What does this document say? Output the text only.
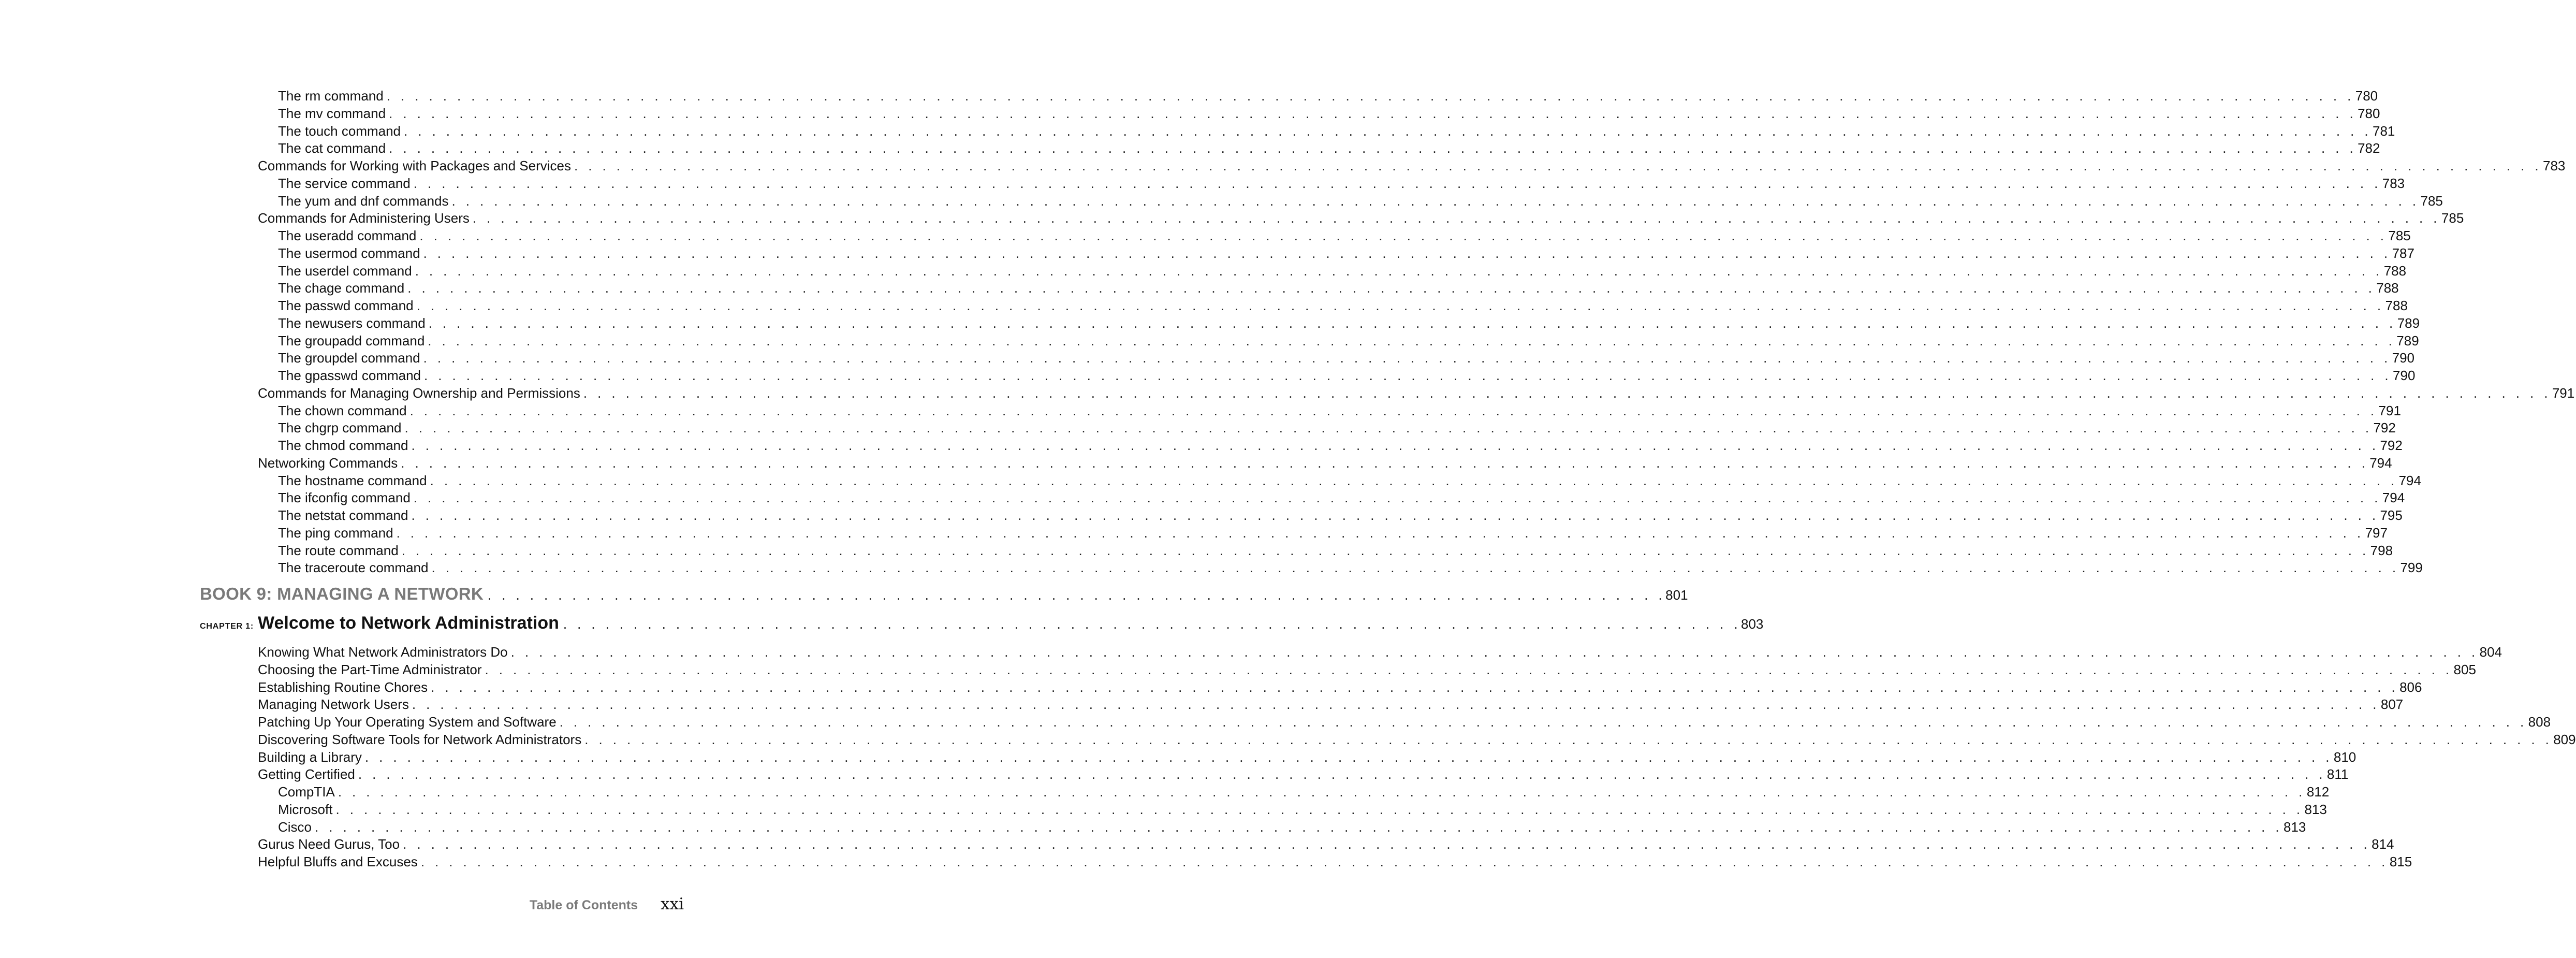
The rm command . . . . . . . . . . . . . . . . . . . . . . . . . . . . . . . . . . . . . . . . . . . . . . . . . . . . . . . . . . . . . . . . . . . . . . . . . . . . . . . . . . . . . . . . . . . . . . . . . . . . . . . . . . . . . . . . . . . . . . . . . . . . . . . . . . . . . . . . . . . . 780
The mv command . . . . . . . . . . . . . . . . . . . . . . . . . . . . . . . . . . . . . . . . . . . . . . . . . . . . . . . . . . . . . . . . . . . . . . . . . . . . . . . . . . . . . . . . . . . . . . . . . . . . . . . . . . . . . . . . . . . . . . . . . . . . . . . . . . . . . . . . . . . . 780
The touch command . . . . . . . . . . . . . . . . . . . . . . . . . . . . . . . . . . . . . . . . . . . . . . . . . . . . . . . . . . . . . . . . . . . . . . . . . . . . . . . . . . . . . . . . . . . . . . . . . . . . . . . . . . . . . . . . . . . . . . . . . . . . . . . . . . . . . . . . . . . . 781
The cat command . . . . . . . . . . . . . . . . . . . . . . . . . . . . . . . . . . . . . . . . . . . . . . . . . . . . . . . . . . . . . . . . . . . . . . . . . . . . . . . . . . . . . . . . . . . . . . . . . . . . . . . . . . . . . . . . . . . . . . . . . . . . . . . . . . . . . . . . . . . . 782
Commands for Working with Packages and Services . . . . . . . . . . . . . . . . . . . . . . . . . . . . . . . . . . . . . . . . . . . . . . . . . . . . . . . . . . . . . . . . . . . . . . . . . . . . . . . . . . . . . . . . . . . . . . . . . . . . . . . . . . . . . . . . . . . . . . . . . . . . . . . . . . . . . . . . . . . . 783
The service command . . . . . . . . . . . . . . . . . . . . . . . . . . . . . . . . . . . . . . . . . . . . . . . . . . . . . . . . . . . . . . . . . . . . . . . . . . . . . . . . . . . . . . . . . . . . . . . . . . . . . . . . . . . . . . . . . . . . . . . . . . . . . . . . . . . . . . . . . . . . 783
The yum and dnf commands . . . . . . . . . . . . . . . . . . . . . . . . . . . . . . . . . . . . . . . . . . . . . . . . . . . . . . . . . . . . . . . . . . . . . . . . . . . . . . . . . . . . . . . . . . . . . . . . . . . . . . . . . . . . . . . . . . . . . . . . . . . . . . . . . . . . . . . . . . . . 785
Commands for Administering Users . . . . . . . . . . . . . . . . . . . . . . . . . . . . . . . . . . . . . . . . . . . . . . . . . . . . . . . . . . . . . . . . . . . . . . . . . . . . . . . . . . . . . . . . . . . . . . . . . . . . . . . . . . . . . . . . . . . . . . . . . . . . . . . . . . . . . . . . . . . . 785
The useradd command . . . . . . . . . . . . . . . . . . . . . . . . . . . . . . . . . . . . . . . . . . . . . . . . . . . . . . . . . . . . . . . . . . . . . . . . . . . . . . . . . . . . . . . . . . . . . . . . . . . . . . . . . . . . . . . . . . . . . . . . . . . . . . . . . . . . . . . . . . . . 785
The usermod command . . . . . . . . . . . . . . . . . . . . . . . . . . . . . . . . . . . . . . . . . . . . . . . . . . . . . . . . . . . . . . . . . . . . . . . . . . . . . . . . . . . . . . . . . . . . . . . . . . . . . . . . . . . . . . . . . . . . . . . . . . . . . . . . . . . . . . . . . . . . 787
The userdel command . . . . . . . . . . . . . . . . . . . . . . . . . . . . . . . . . . . . . . . . . . . . . . . . . . . . . . . . . . . . . . . . . . . . . . . . . . . . . . . . . . . . . . . . . . . . . . . . . . . . . . . . . . . . . . . . . . . . . . . . . . . . . . . . . . . . . . . . . . . . 788
The chage command . . . . . . . . . . . . . . . . . . . . . . . . . . . . . . . . . . . . . . . . . . . . . . . . . . . . . . . . . . . . . . . . . . . . . . . . . . . . . . . . . . . . . . . . . . . . . . . . . . . . . . . . . . . . . . . . . . . . . . . . . . . . . . . . . . . . . . . . . . . . 788
The passwd command . . . . . . . . . . . . . . . . . . . . . . . . . . . . . . . . . . . . . . . . . . . . . . . . . . . . . . . . . . . . . . . . . . . . . . . . . . . . . . . . . . . . . . . . . . . . . . . . . . . . . . . . . . . . . . . . . . . . . . . . . . . . . . . . . . . . . . . . . . . . 788
The newusers command . . . . . . . . . . . . . . . . . . . . . . . . . . . . . . . . . . . . . . . . . . . . . . . . . . . . . . . . . . . . . . . . . . . . . . . . . . . . . . . . . . . . . . . . . . . . . . . . . . . . . . . . . . . . . . . . . . . . . . . . . . . . . . . . . . . . . . . . . . . . 789
The groupadd command . . . . . . . . . . . . . . . . . . . . . . . . . . . . . . . . . . . . . . . . . . . . . . . . . . . . . . . . . . . . . . . . . . . . . . . . . . . . . . . . . . . . . . . . . . . . . . . . . . . . . . . . . . . . . . . . . . . . . . . . . . . . . . . . . . . . . . . . . . . . 789
The groupdel command . . . . . . . . . . . . . . . . . . . . . . . . . . . . . . . . . . . . . . . . . . . . . . . . . . . . . . . . . . . . . . . . . . . . . . . . . . . . . . . . . . . . . . . . . . . . . . . . . . . . . . . . . . . . . . . . . . . . . . . . . . . . . . . . . . . . . . . . . . . . 790
The gpasswd command . . . . . . . . . . . . . . . . . . . . . . . . . . . . . . . . . . . . . . . . . . . . . . . . . . . . . . . . . . . . . . . . . . . . . . . . . . . . . . . . . . . . . . . . . . . . . . . . . . . . . . . . . . . . . . . . . . . . . . . . . . . . . . . . . . . . . . . . . . . . 790
Commands for Managing Ownership and Permissions . . . . . . . . . . . . . . . . . . . . . . . . . . . . . . . . . . . . . . . . . . . . . . . . . . . . . . . . . . . . . . . . . . . . . . . . . . . . . . . . . . . . . . . . . . . . . . . . . . . . . . . . . . . . . . . . . . . . . . . . . . . . . . . . . . . . . . . . . . . . 791
The chown command . . . . . . . . . . . . . . . . . . . . . . . . . . . . . . . . . . . . . . . . . . . . . . . . . . . . . . . . . . . . . . . . . . . . . . . . . . . . . . . . . . . . . . . . . . . . . . . . . . . . . . . . . . . . . . . . . . . . . . . . . . . . . . . . . . . . . . . . . . . . 791
The chgrp command . . . . . . . . . . . . . . . . . . . . . . . . . . . . . . . . . . . . . . . . . . . . . . . . . . . . . . . . . . . . . . . . . . . . . . . . . . . . . . . . . . . . . . . . . . . . . . . . . . . . . . . . . . . . . . . . . . . . . . . . . . . . . . . . . . . . . . . . . . . . 792
The chmod command . . . . . . . . . . . . . . . . . . . . . . . . . . . . . . . . . . . . . . . . . . . . . . . . . . . . . . . . . . . . . . . . . . . . . . . . . . . . . . . . . . . . . . . . . . . . . . . . . . . . . . . . . . . . . . . . . . . . . . . . . . . . . . . . . . . . . . . . . . . . 792
Networking Commands . . . . . . . . . . . . . . . . . . . . . . . . . . . . . . . . . . . . . . . . . . . . . . . . . . . . . . . . . . . . . . . . . . . . . . . . . . . . . . . . . . . . . . . . . . . . . . . . . . . . . . . . . . . . . . . . . . . . . . . . . . . . . . . . . . . . . . . . . . . . 794
The hostname command . . . . . . . . . . . . . . . . . . . . . . . . . . . . . . . . . . . . . . . . . . . . . . . . . . . . . . . . . . . . . . . . . . . . . . . . . . . . . . . . . . . . . . . . . . . . . . . . . . . . . . . . . . . . . . . . . . . . . . . . . . . . . . . . . . . . . . . . . . . . 794
The ifconfig command . . . . . . . . . . . . . . . . . . . . . . . . . . . . . . . . . . . . . . . . . . . . . . . . . . . . . . . . . . . . . . . . . . . . . . . . . . . . . . . . . . . . . . . . . . . . . . . . . . . . . . . . . . . . . . . . . . . . . . . . . . . . . . . . . . . . . . . . . . . . 794
The netstat command . . . . . . . . . . . . . . . . . . . . . . . . . . . . . . . . . . . . . . . . . . . . . . . . . . . . . . . . . . . . . . . . . . . . . . . . . . . . . . . . . . . . . . . . . . . . . . . . . . . . . . . . . . . . . . . . . . . . . . . . . . . . . . . . . . . . . . . . . . . . 795
The ping command . . . . . . . . . . . . . . . . . . . . . . . . . . . . . . . . . . . . . . . . . . . . . . . . . . . . . . . . . . . . . . . . . . . . . . . . . . . . . . . . . . . . . . . . . . . . . . . . . . . . . . . . . . . . . . . . . . . . . . . . . . . . . . . . . . . . . . . . . . . . 797
The route command . . . . . . . . . . . . . . . . . . . . . . . . . . . . . . . . . . . . . . . . . . . . . . . . . . . . . . . . . . . . . . . . . . . . . . . . . . . . . . . . . . . . . . . . . . . . . . . . . . . . . . . . . . . . . . . . . . . . . . . . . . . . . . . . . . . . . . . . . . . . 798
The traceroute command . . . . . . . . . . . . . . . . . . . . . . . . . . . . . . . . . . . . . . . . . . . . . . . . . . . . . . . . . . . . . . . . . . . . . . . . . . . . . . . . . . . . . . . . . . . . . . . . . . . . . . . . . . . . . . . . . . . . . . . . . . . . . . . . . . . . . . . . . . . . 799
BOOK 9: MANAGING A NETWORK . . . . . . . . . . . . . . . . . . . . . . . . . . . . . . . . . . . . . . . . . . . . . . . . . . . . . . . . . . . . . . . . . . . . . . . . . . . . . . . . . . . . 801
CHAPTER 1: Welcome to Network Administration . . . . . . . . . . . . . . . . . . . . . . . . . . . . . . . . . . . . . . . . . . . . . . . . . . . . . . . . . . . . . . . . . . . . . . . . . . . . . . . . . . . . 803
Knowing What Network Administrators Do . . . . . . . . . . . . . . . . . . . . . . . . . . . . . . . . . . . . . . . . . . . . . . . . . . . . . . . . . . . . . . . . . . . . . . . . . . . . . . . . . . . . . . . . . . . . . . . . . . . . . . . . . . . . . . . . . . . . . . . . . . . . . . . . . . . . . . . . . . . . 804
Choosing the Part-Time Administrator . . . . . . . . . . . . . . . . . . . . . . . . . . . . . . . . . . . . . . . . . . . . . . . . . . . . . . . . . . . . . . . . . . . . . . . . . . . . . . . . . . . . . . . . . . . . . . . . . . . . . . . . . . . . . . . . . . . . . . . . . . . . . . . . . . . . . . . . . . . . 805
Establishing Routine Chores . . . . . . . . . . . . . . . . . . . . . . . . . . . . . . . . . . . . . . . . . . . . . . . . . . . . . . . . . . . . . . . . . . . . . . . . . . . . . . . . . . . . . . . . . . . . . . . . . . . . . . . . . . . . . . . . . . . . . . . . . . . . . . . . . . . . . . . . . . . . 806
Managing Network Users . . . . . . . . . . . . . . . . . . . . . . . . . . . . . . . . . . . . . . . . . . . . . . . . . . . . . . . . . . . . . . . . . . . . . . . . . . . . . . . . . . . . . . . . . . . . . . . . . . . . . . . . . . . . . . . . . . . . . . . . . . . . . . . . . . . . . . . . . . . . 807
Patching Up Your Operating System and Software . . . . . . . . . . . . . . . . . . . . . . . . . . . . . . . . . . . . . . . . . . . . . . . . . . . . . . . . . . . . . . . . . . . . . . . . . . . . . . . . . . . . . . . . . . . . . . . . . . . . . . . . . . . . . . . . . . . . . . . . . . . . . . . . . . . . . . . . . . . . 808
Discovering Software Tools for Network Administrators . . . . . . . . . . . . . . . . . . . . . . . . . . . . . . . . . . . . . . . . . . . . . . . . . . . . . . . . . . . . . . . . . . . . . . . . . . . . . . . . . . . . . . . . . . . . . . . . . . . . . . . . . . . . . . . . . . . . . . . . . . . . . . . . . . . . . . . . . . . . 809
Building a Library . . . . . . . . . . . . . . . . . . . . . . . . . . . . . . . . . . . . . . . . . . . . . . . . . . . . . . . . . . . . . . . . . . . . . . . . . . . . . . . . . . . . . . . . . . . . . . . . . . . . . . . . . . . . . . . . . . . . . . . . . . . . . . . . . . . . . . . . . . . . 810
Getting Certified . . . . . . . . . . . . . . . . . . . . . . . . . . . . . . . . . . . . . . . . . . . . . . . . . . . . . . . . . . . . . . . . . . . . . . . . . . . . . . . . . . . . . . . . . . . . . . . . . . . . . . . . . . . . . . . . . . . . . . . . . . . . . . . . . . . . . . . . . . . . 811
CompTIA . . . . . . . . . . . . . . . . . . . . . . . . . . . . . . . . . . . . . . . . . . . . . . . . . . . . . . . . . . . . . . . . . . . . . . . . . . . . . . . . . . . . . . . . . . . . . . . . . . . . . . . . . . . . . . . . . . . . . . . . . . . . . . . . . . . . . . . . . . . . 812
Microsoft . . . . . . . . . . . . . . . . . . . . . . . . . . . . . . . . . . . . . . . . . . . . . . . . . . . . . . . . . . . . . . . . . . . . . . . . . . . . . . . . . . . . . . . . . . . . . . . . . . . . . . . . . . . . . . . . . . . . . . . . . . . . . . . . . . . . . . . . . . . . 813
Cisco . . . . . . . . . . . . . . . . . . . . . . . . . . . . . . . . . . . . . . . . . . . . . . . . . . . . . . . . . . . . . . . . . . . . . . . . . . . . . . . . . . . . . . . . . . . . . . . . . . . . . . . . . . . . . . . . . . . . . . . . . . . . . . . . . . . . . . . . . . . . 813
Gurus Need Gurus, Too . . . . . . . . . . . . . . . . . . . . . . . . . . . . . . . . . . . . . . . . . . . . . . . . . . . . . . . . . . . . . . . . . . . . . . . . . . . . . . . . . . . . . . . . . . . . . . . . . . . . . . . . . . . . . . . . . . . . . . . . . . . . . . . . . . . . . . . . . . . . 814
Helpful Bluffs and Excuses . . . . . . . . . . . . . . . . . . . . . . . . . . . . . . . . . . . . . . . . . . . . . . . . . . . . . . . . . . . . . . . . . . . . . . . . . . . . . . . . . . . . . . . . . . . . . . . . . . . . . . . . . . . . . . . . . . . . . . . . . . . . . . . . . . . . . . . . . . . . 815
Table of Contents xxi
